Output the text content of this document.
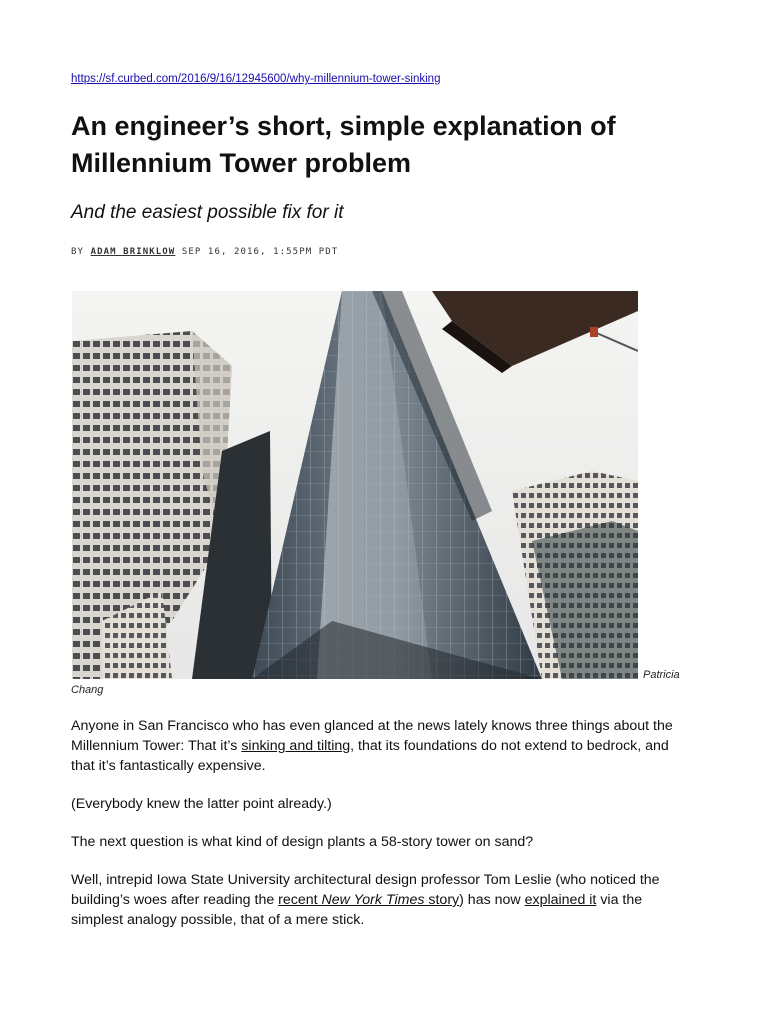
https://sf.curbed.com/2016/9/16/12945600/why-millennium-tower-sinking
An engineer’s short, simple explanation of Millennium Tower problem
And the easiest possible fix for it
BY ADAM BRINKLOW SEP 16, 2016, 1:55PM PDT
Patricia
Chang

Anyone in San Francisco who has even glanced at the news lately knows three things about the Millennium Tower: That it’s sinking and tilting, that its foundations do not extend to bedrock, and that it’s fantastically expensive.

(Everybody knew the latter point already.)

The next question is what kind of design plants a 58-story tower on sand?

Well, intrepid Iowa State University architectural design professor Tom Leslie (who noticed the building’s woes after reading the recent New York Times story) has now explained it via the simplest analogy possible, that of a mere stick.
